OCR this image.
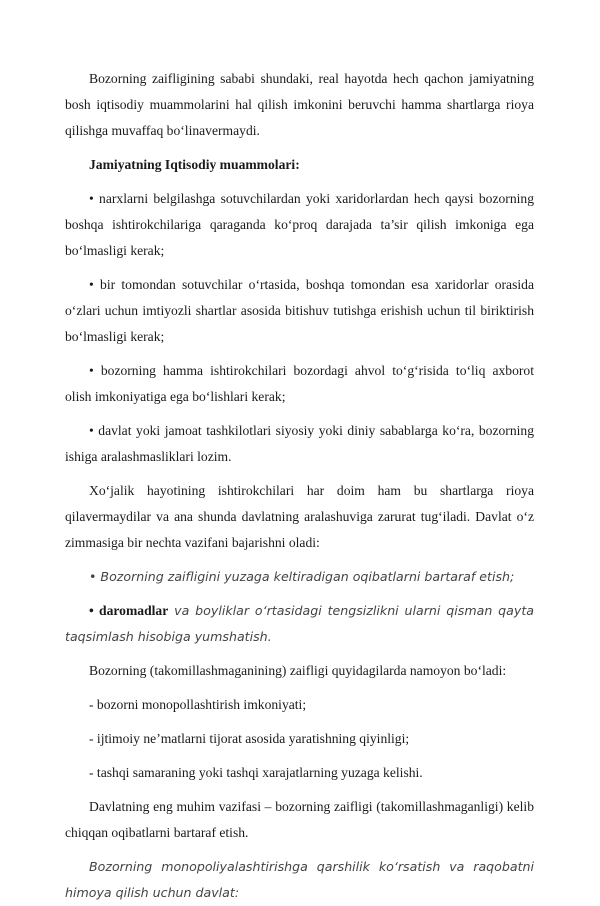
Bozorning zaifligining sababi shundaki, real hayotda hech qachon jamiyatning bosh iqtisodiy muammolarini hal qilish imkonini beruvchi hamma shartlarga rioya qilishga muvaffaq bo‘linavermaydi.

Jamiyatning Iqtisodiy muammolari:

• narxlarni belgilashga sotuvchilardan yoki xaridorlardan hech qaysi bozorning boshqa ishtirokchilariga qaraganda ko‘proq darajada ta’sir qilish imkoniga ega bo‘lmasligi kerak;

• bir tomondan sotuvchilar o‘rtasida, boshqa tomondan esa xaridorlar orasida o‘zlari uchun imtiyozli shartlar asosida bitishuv tutishga erishish uchun til biriktirish bo‘lmasligi kerak;

• bozorning hamma ishtirokchilari bozordagi ahvol to‘g‘risida to‘liq axborot olish imkoniyatiga ega bo‘lishlari kerak;

• davlat yoki jamoat tashkilotlari siyosiy yoki diniy sabablarga ko‘ra, bozorning ishiga aralashmasliklari lozim.

Xo‘jalik hayotining ishtirokchilari har doim ham bu shartlarga rioya qilavermaydilar va ana shunda davlatning aralashuviga zarurat tug‘iladi. Davlat o‘z zimmasiga bir nechta vazifani bajarishni oladi:

• Bozorning zaifligini yuzaga keltiradigan oqibatlarni bartaraf etish;

• daromadlar va boyliklar o‘rtasidagi tengsizlikni ularni qisman qayta taqsimlash hisobiga yumshatish.

Bozorning (takomillashmaganining) zaifligi quyidagilarda namoyon bo‘ladi:

- bozorni monopollashtirish imkoniyati;

- ijtimoiy ne’matlarni tijorat asosida yaratishning qiyinligi;

- tashqi samaraning yoki tashqi xarajatlarning yuzaga kelishi.

Davlatning eng muhim vazifasi – bozorning zaifligi (takomillashmaganligi) kelib chiqqan oqibatlarni bartaraf etish.

Bozorning monopoliyalashtirishga qarshilik ko‘rsatish va raqobatni himoya qilish uchun davlat:
